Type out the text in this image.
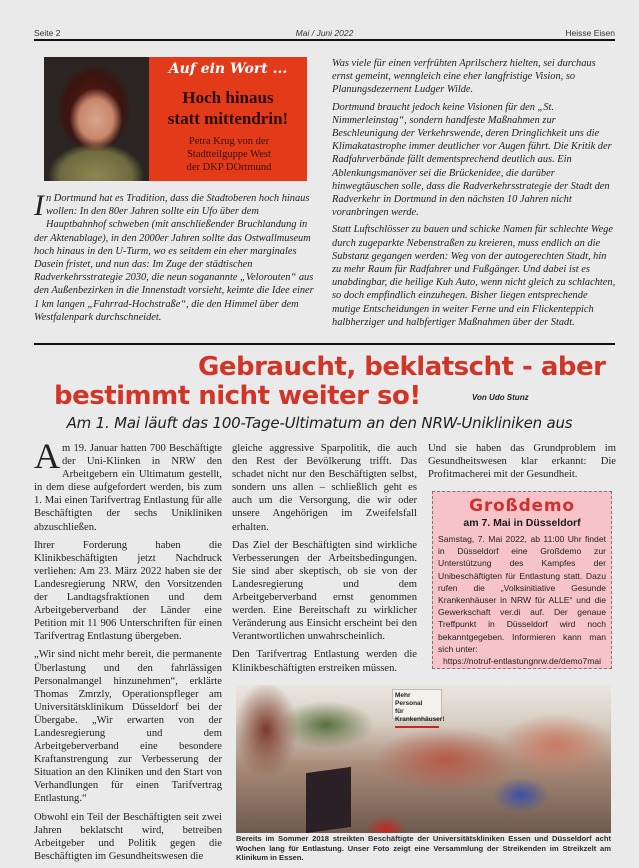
Seite 2	Mai / Juni 2022	Heisse Eisen
Auf ein Wort ...
Hoch hinaus
statt mittendrin!
Petra Krug von der
Stadtteilguppe West
der DKP DOrtmund

In Dortmund hat es Tradition, dass die Stadtoberen hoch hinaus wollen: In den 80er Jahren sollte ein Ufo über dem Hauptbahnhof schweben (mit anschließender Bruchlandung in der Aktenablage), in den 2000er Jahren sollte das Ostwallmuseum hoch hinaus in den U-Turm, wo es seitdem ein eher marginales Dasein fristet, und nun das: Im Zuge der städtischen Radverkehrsstrategie 2030, die neun soganannte „Velorouten“ aus den Außenbezirken in die Innenstadt vorsieht, keimte die Idee einer 1 km langen „Fahrrad-Hochstraße“, die den Himmel über dem Westfalenpark durchschneidet.

Was viele für einen verfrühten Aprilscherz hielten, sei durchaus ernst gemeint, wenngleich eine eher langfristige Vision, so Planungsdezernent Ludger Wilde.

Dortmund braucht jedoch keine Visionen für den „St. Nimmerleinstag“, sondern handfeste Maßnahmen zur Beschleunigung der Verkehrswende, deren Dringlichkeit uns die Klimakatastrophe immer deutlicher vor Augen führt. Die Kritik der Radfahrverbände fällt dementsprechend deutlich aus. Ein Ablenkungsmanöver sei die Brückenidee, die darüber hinwegtäuschen solle, dass die Radverkehrsstrategie der Stadt den Radverkehr in Dortmund in den nächsten 10 Jahren nicht voranbringen werde.

Statt Luftschlösser zu bauen und schicke Namen für schlechte Wege durch zugeparkte Nebenstraßen zu kreieren, muss endlich an die Substanz gegangen werden: Weg von der autogerechten Stadt, hin zu mehr Raum für Radfahrer und Fußgänger. Und dabei ist es unabdingbar, die heilige Kuh Auto, wenn nicht gleich zu schlachten, so doch empfindlich einzuhegen. Bisher liegen entsprechende mutige Entscheidungen in weiter Ferne und ein Flickenteppich halbherziger und halbfertiger Maßnahmen über der Stadt.

Gebraucht, beklatscht - aber
bestimmt nicht weiter so!	Von Udo Stunz
Am 1. Mai läuft das 100-Tage-Ultimatum an den NRW-Unikliniken aus

Am 19. Januar hatten 700 Beschäftigte der Uni-Klinken in NRW den Arbeitgebern ein Ultimatum gestellt, in dem diese aufgefordert werden, bis zum 1. Mai einen Tarifvertrag Entlastung für alle Beschäftigten der sechs Unikliniken abzuschließen.

Ihrer Forderung haben die Klinikbeschäftigten jetzt Nachdruck verliehen: Am 23. März 2022 haben sie der Landesregierung NRW, den Vorsitzenden der Landtagsfraktionen und dem Arbeitgeberverband der Länder eine Petition mit 11 906 Unterschriften für einen Tarifvertrag Entlastung übergeben.

„Wir sind nicht mehr bereit, die permanente Überlastung und den fahrlässigen Personalmangel hinzunehmen“, erklärte Thomas Zmrzly, Operationspfleger am Universitätsklinikum Düsseldorf bei der Übergabe. „Wir erwarten von der Landesregierung und dem Arbeitgeberverband eine besondere Kraftanstrengung zur Verbesserung der Situation an den Kliniken und den Start von Verhandlungen für einen Tarifvertrag Entlastung.“

Obwohl ein Teil der Beschäftigten seit zwei Jahren beklatscht wird, betreiben Arbeitgeber und Politik gegen die Beschäftigten im Gesundheitswesen die

gleiche aggressive Sparpolitik, die auch den Rest der Bevölkerung trifft. Das schadet nicht nur den Beschäftigten selbst, sondern uns allen – schließlich geht es auch um die Versorgung, die wir oder unsere Angehörigen im Zweifelsfall erhalten.

Das Ziel der Beschäftigten sind wirkliche Verbesserungen der Arbeitsbedingungen. Sie sind aber skeptisch, ob sie von der Landesregierung und dem Arbeitgeberverband ernst genommen werden. Eine Bereitschaft zu wirklicher Veränderung aus Einsicht erscheint bei den Verantwortlichen unwahrscheinlich.

Den Tarifvertrag Entlastung werden die Klinikbeschäftigten erstreiken müssen.

Und sie haben das Grundproblem im Gesundheitswesen klar erkannt: Die Profitmacherei mit der Gesundheit.

Großdemo
am 7. Mai in Düsseldorf
Samstag, 7. Mai 2022, ab 11:00 Uhr findet in Düsseldorf eine Großdemo zur Unterstützung des Kampfes der Unibeschäftigten für Entlastung statt. Dazu rufen die „Volksinitiative Gesunde Krankenhäuser in NRW für ALLE“ und die Gewerkschaft ver.di auf. Der genaue Treffpunkt in Düsseldorf wird noch bekanntgegeben. Informieren kann man sich unter:
https://notruf-entlastungnrw.de/demo7mai
Mehr Personal
für Krankenhäuser!
Bereits im Sommer 2018 streikten Beschäftigte der Universitätskliniken Essen und Düsseldorf acht Wochen lang für Entlastung. Unser Foto zeigt eine Versammlung der Streikenden im Streikzelt am Klinikum in Essen.
